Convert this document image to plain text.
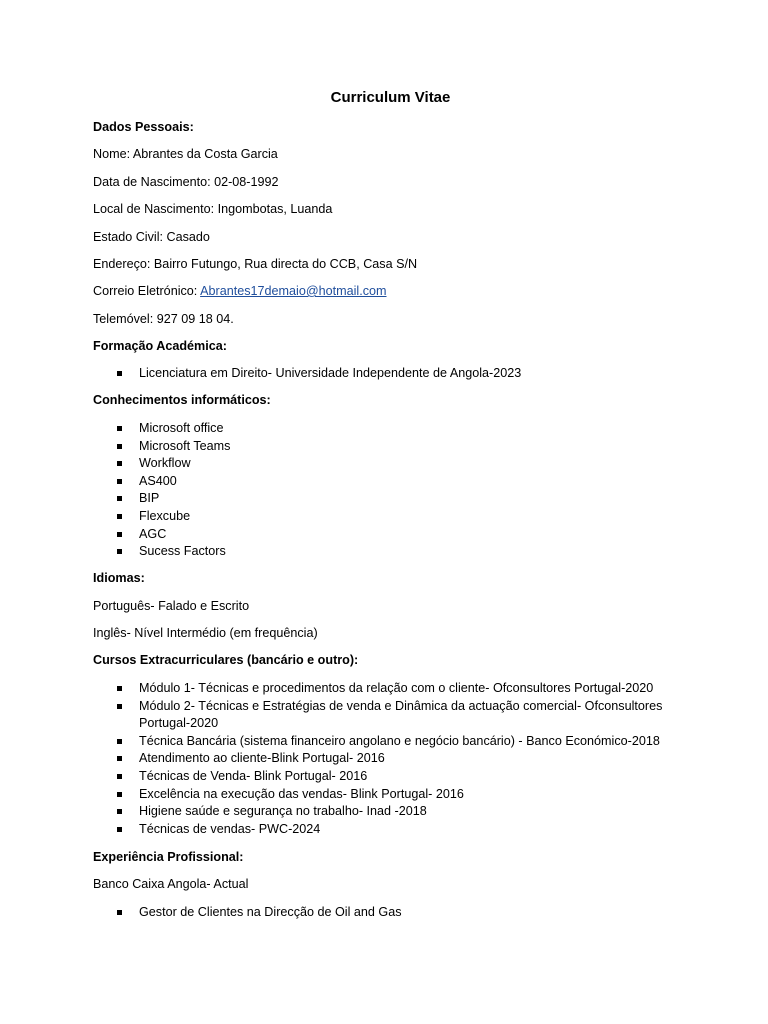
Curriculum Vitae
Dados Pessoais:
Nome: Abrantes da Costa Garcia
Data de Nascimento: 02-08-1992
Local de Nascimento: Ingombotas, Luanda
Estado Civil: Casado
Endereço: Bairro Futungo, Rua directa do CCB, Casa S/N
Correio Eletrónico: Abrantes17demaio@hotmail.com
Telemóvel: 927 09 18 04.
Formação Académica:
Licenciatura em Direito- Universidade Independente de Angola-2023
Conhecimentos informáticos:
Microsoft office
Microsoft Teams
Workflow
AS400
BIP
Flexcube
AGC
Sucess Factors
Idiomas:
Português- Falado e Escrito
Inglês- Nível Intermédio (em frequência)
Cursos Extracurriculares (bancário e outro):
Módulo 1- Técnicas e procedimentos da relação com o cliente- Ofconsultores Portugal-2020
Módulo 2- Técnicas e Estratégias de venda e Dinâmica da actuação comercial- Ofconsultores Portugal-2020
Técnica Bancária (sistema financeiro angolano e negócio bancário) - Banco Económico-2018
Atendimento ao cliente-Blink Portugal- 2016
Técnicas de Venda- Blink Portugal- 2016
Excelência na execução das vendas- Blink Portugal- 2016
Higiene saúde e segurança no trabalho- Inad -2018
Técnicas de vendas- PWC-2024
Experiência Profissional:
Banco Caixa Angola- Actual
Gestor de Clientes na Direcção de Oil and Gas
